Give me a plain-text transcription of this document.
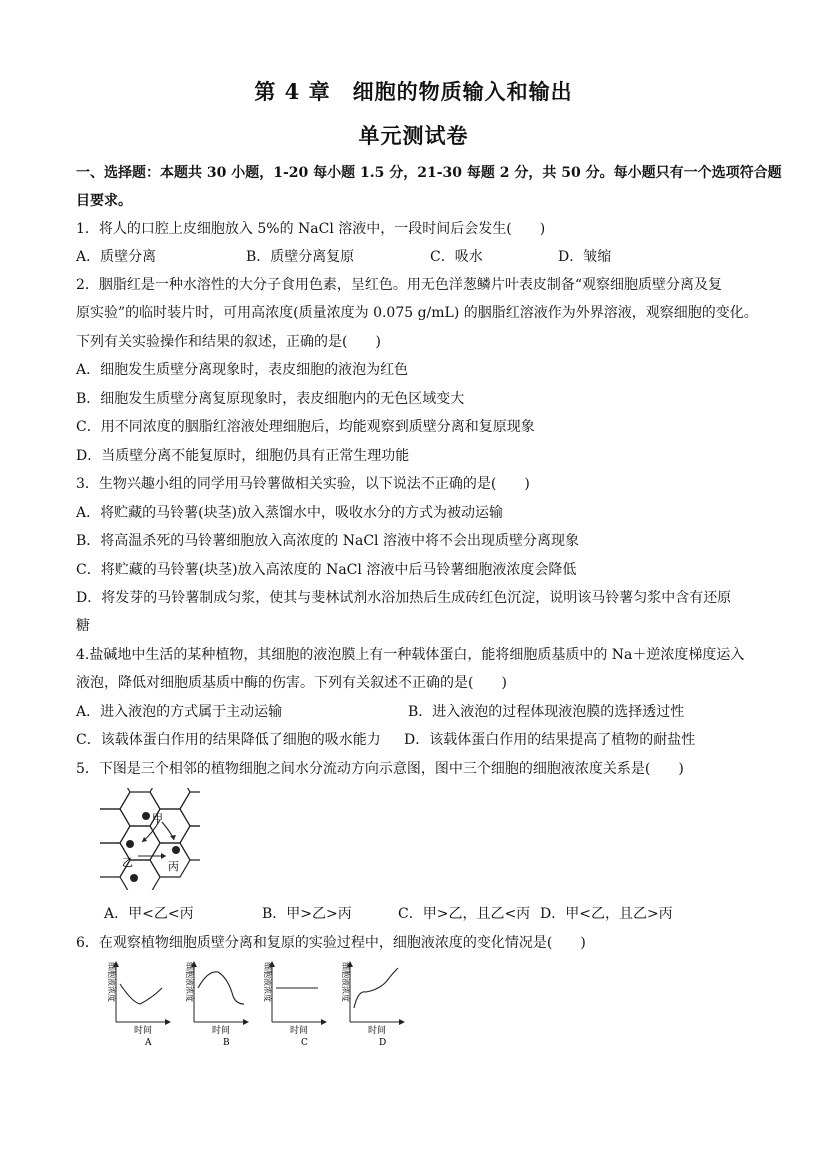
第 4 章　细胞的物质输入和输出
单元测试卷
一、选择题：本题共 30 小题，1-20 每小题 1.5 分，21-30 每题 2 分，共 50 分。每小题只有一个选项符合题
目要求。
1．将人的口腔上皮细胞放入 5%的 NaCl 溶液中，一段时间后会发生(　　)
A．质壁分离	B．质壁分离复原	C．吸水	D．皱缩
2．胭脂红是一种水溶性的大分子食用色素，呈红色。用无色洋葱鳞片叶表皮制备“观察细胞质壁分离及复
原实验”的临时装片时，可用高浓度(质量浓度为 0.075 g/mL) 的胭脂红溶液作为外界溶液，观察细胞的变化。
下列有关实验操作和结果的叙述，正确的是(　　)
A．细胞发生质壁分离现象时，表皮细胞的液泡为红色
B．细胞发生质壁分离复原现象时，表皮细胞内的无色区域变大
C．用不同浓度的胭脂红溶液处理细胞后，均能观察到质壁分离和复原现象
D．当质壁分离不能复原时，细胞仍具有正常生理功能
3．生物兴趣小组的同学用马铃薯做相关实验，以下说法不正确的是(　　)
A．将贮藏的马铃薯(块茎)放入蒸馏水中，吸收水分的方式为被动运输
B．将高温杀死的马铃薯细胞放入高浓度的 NaCl 溶液中将不会出现质壁分离现象
C．将贮藏的马铃薯(块茎)放入高浓度的 NaCl 溶液中后马铃薯细胞液浓度会降低
D．将发芽的马铃薯制成匀浆，使其与斐林试剂水浴加热后生成砖红色沉淀，说明该马铃薯匀浆中含有还原
糖
4.盐碱地中生活的某种植物，其细胞的液泡膜上有一种载体蛋白，能将细胞质基质中的 Na＋逆浓度梯度运入
液泡，降低对细胞质基质中酶的伤害。下列有关叙述不正确的是(　　)
A．进入液泡的方式属于主动运输	B．进入液泡的过程体现液泡膜的选择透过性
C．该载体蛋白作用的结果降低了细胞的吸水能力 D．该载体蛋白作用的结果提高了植物的耐盐性
5．下图是三个相邻的植物细胞之间水分流动方向示意图，图中三个细胞的细胞液浓度关系是(　　)
甲
乙	丙
A．甲<乙<丙	B．甲>乙>丙	C．甲>乙，且乙<丙 D．甲<乙，且乙>丙
6．在观察植物细胞质壁分离和复原的实验过程中，细胞液浓度的变化情况是(　　)
细胞液浓度
时间
A
细胞液浓度
时间
B
细胞液浓度
时间
C
细胞液浓度
时间
D
